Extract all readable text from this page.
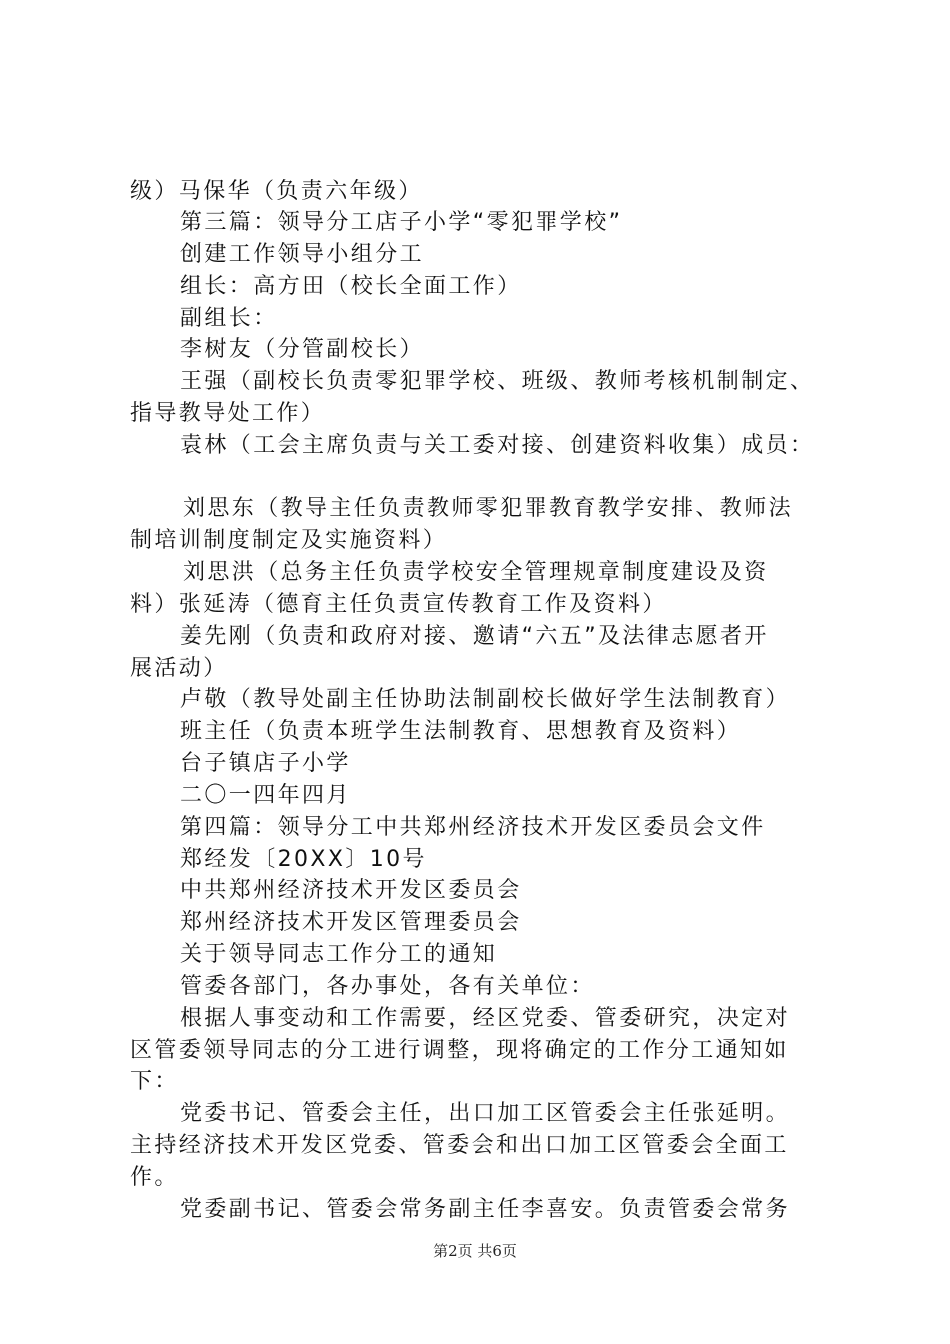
级）马保华（负责六年级）
第三篇：领导分工店子小学“零犯罪学校”
创建工作领导小组分工
组长：高方田（校长全面工作）
副组长：
李树友（分管副校长）
王强（副校长负责零犯罪学校、班级、教师考核机制制定、
指导教导处工作）
袁林（工会主席负责与关工委对接、创建资料收集）成员：
刘思东（教导主任负责教师零犯罪教育教学安排、教师法
制培训制度制定及实施资料）
刘思洪（总务主任负责学校安全管理规章制度建设及资
料）张延涛（德育主任负责宣传教育工作及资料）
姜先刚（负责和政府对接、邀请“六五”及法律志愿者开
展活动）
卢敬（教导处副主任协助法制副校长做好学生法制教育）
班主任（负责本班学生法制教育、思想教育及资料）
台子镇店子小学
二〇一四年四月
第四篇：领导分工中共郑州经济技术开发区委员会文件
郑经发〔20XX〕10号
中共郑州经济技术开发区委员会
郑州经济技术开发区管理委员会
关于领导同志工作分工的通知
管委各部门，各办事处，各有关单位：
根据人事变动和工作需要，经区党委、管委研究，决定对
区管委领导同志的分工进行调整，现将确定的工作分工通知如
下：
党委书记、管委会主任，出口加工区管委会主任张延明。
主持经济技术开发区党委、管委会和出口加工区管委会全面工
作。
党委副书记、管委会常务副主任李喜安。负责管委会常务
第2页 共6页
